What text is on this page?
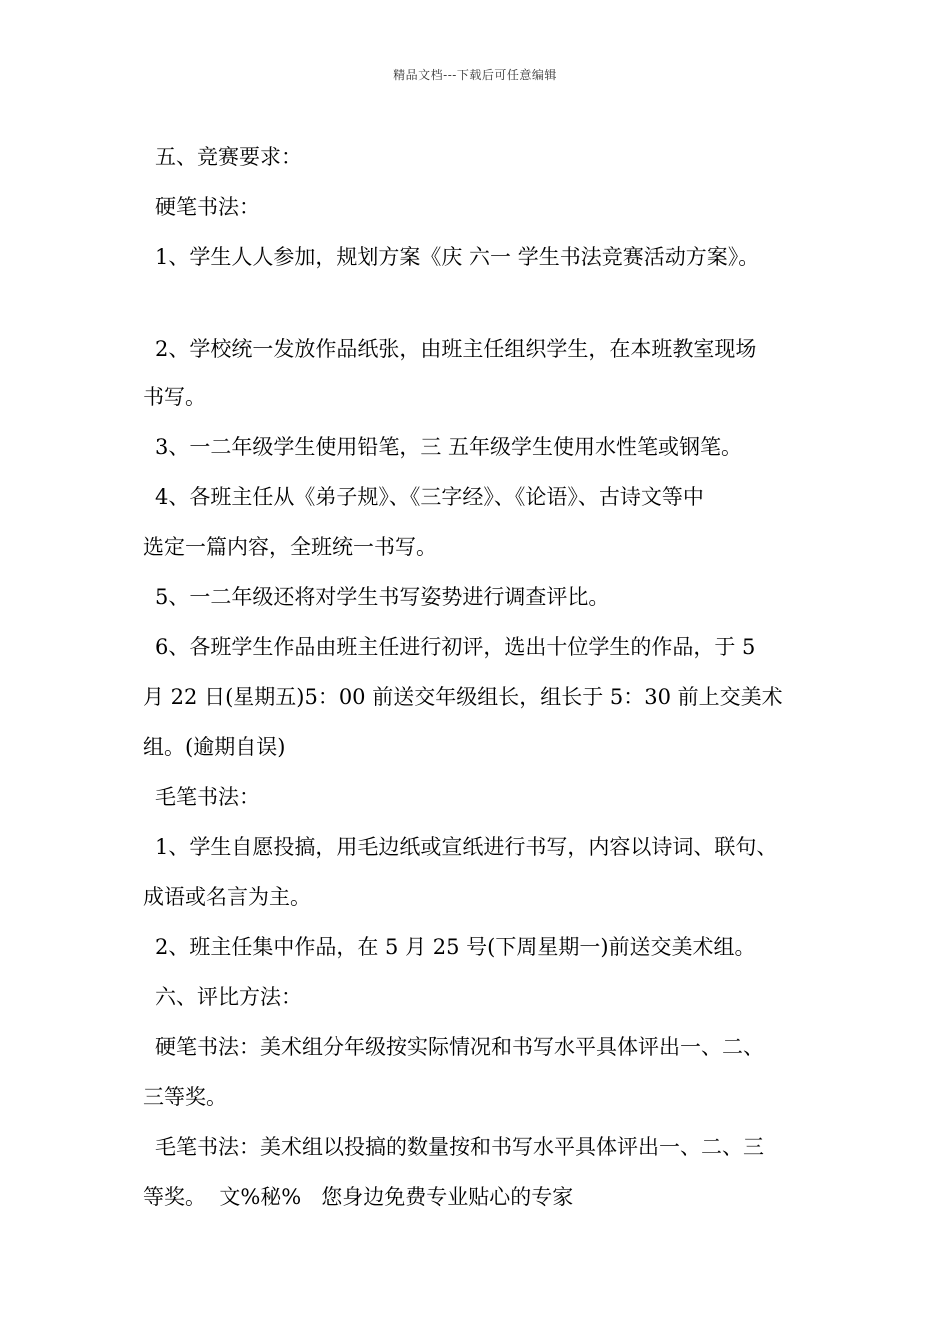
精品文档---下载后可任意编辑

五、竞赛要求：

硬笔书法：

1、学生人人参加，规划方案《庆 六一 学生书法竞赛活动方案》。

2、学校统一发放作品纸张，由班主任组织学生，在本班教室现场

书写。

3、一二年级学生使用铅笔，三 五年级学生使用水性笔或钢笔。

4、各班主任从《弟子规》、《三字经》、《论语》、古诗文等中

选定一篇内容，全班统一书写。

5、一二年级还将对学生书写姿势进行调查评比。

6、各班学生作品由班主任进行初评，选出十位学生的作品，于 5

月 22 日(星期五)5：00 前送交年级组长，组长于 5：30 前上交美术

组。(逾期自误)

毛笔书法：

1、学生自愿投搞，用毛边纸或宣纸进行书写，内容以诗词、联句、

成语或名言为主。

2、班主任集中作品，在 5 月 25 号(下周星期一)前送交美术组。

六、评比方法：

硬笔书法：美术组分年级按实际情况和书写水平具体评出一、二、

三等奖。

毛笔书法：美术组以投搞的数量按和书写水平具体评出一、二、三

等奖。  文%秘%   您身边免费专业贴心的专家
